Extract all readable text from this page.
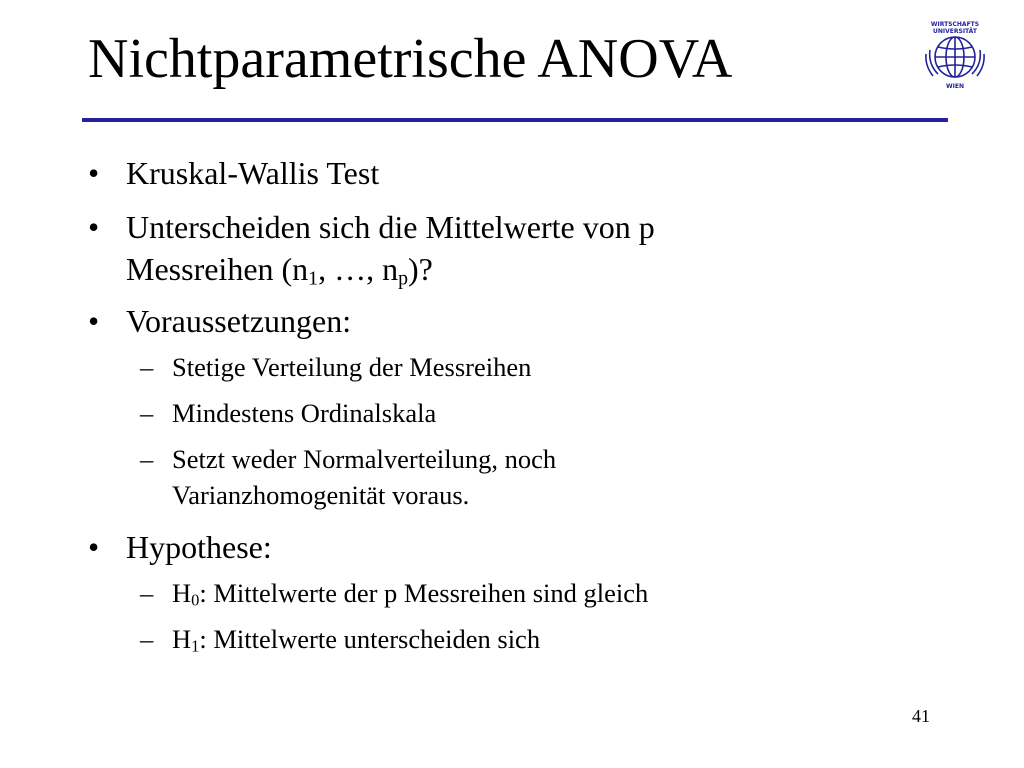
Nichtparametrische ANOVA
WIRTSCHAFTS
UNIVERSITÄT
WIEN
• Kruskal-Wallis Test
• Unterscheiden sich die Mittelwerte von p
Messreihen ($n_1$, …, $n_p$)?
• Voraussetzungen:
– Stetige Verteilung der Messreihen
– Mindestens Ordinalskala
– Setzt weder Normalverteilung, noch
Varianzhomogenität voraus.
• Hypothese:
– $H_0$: Mittelwerte der p Messreihen sind gleich
– $H_1$: Mittelwerte unterscheiden sich
41
